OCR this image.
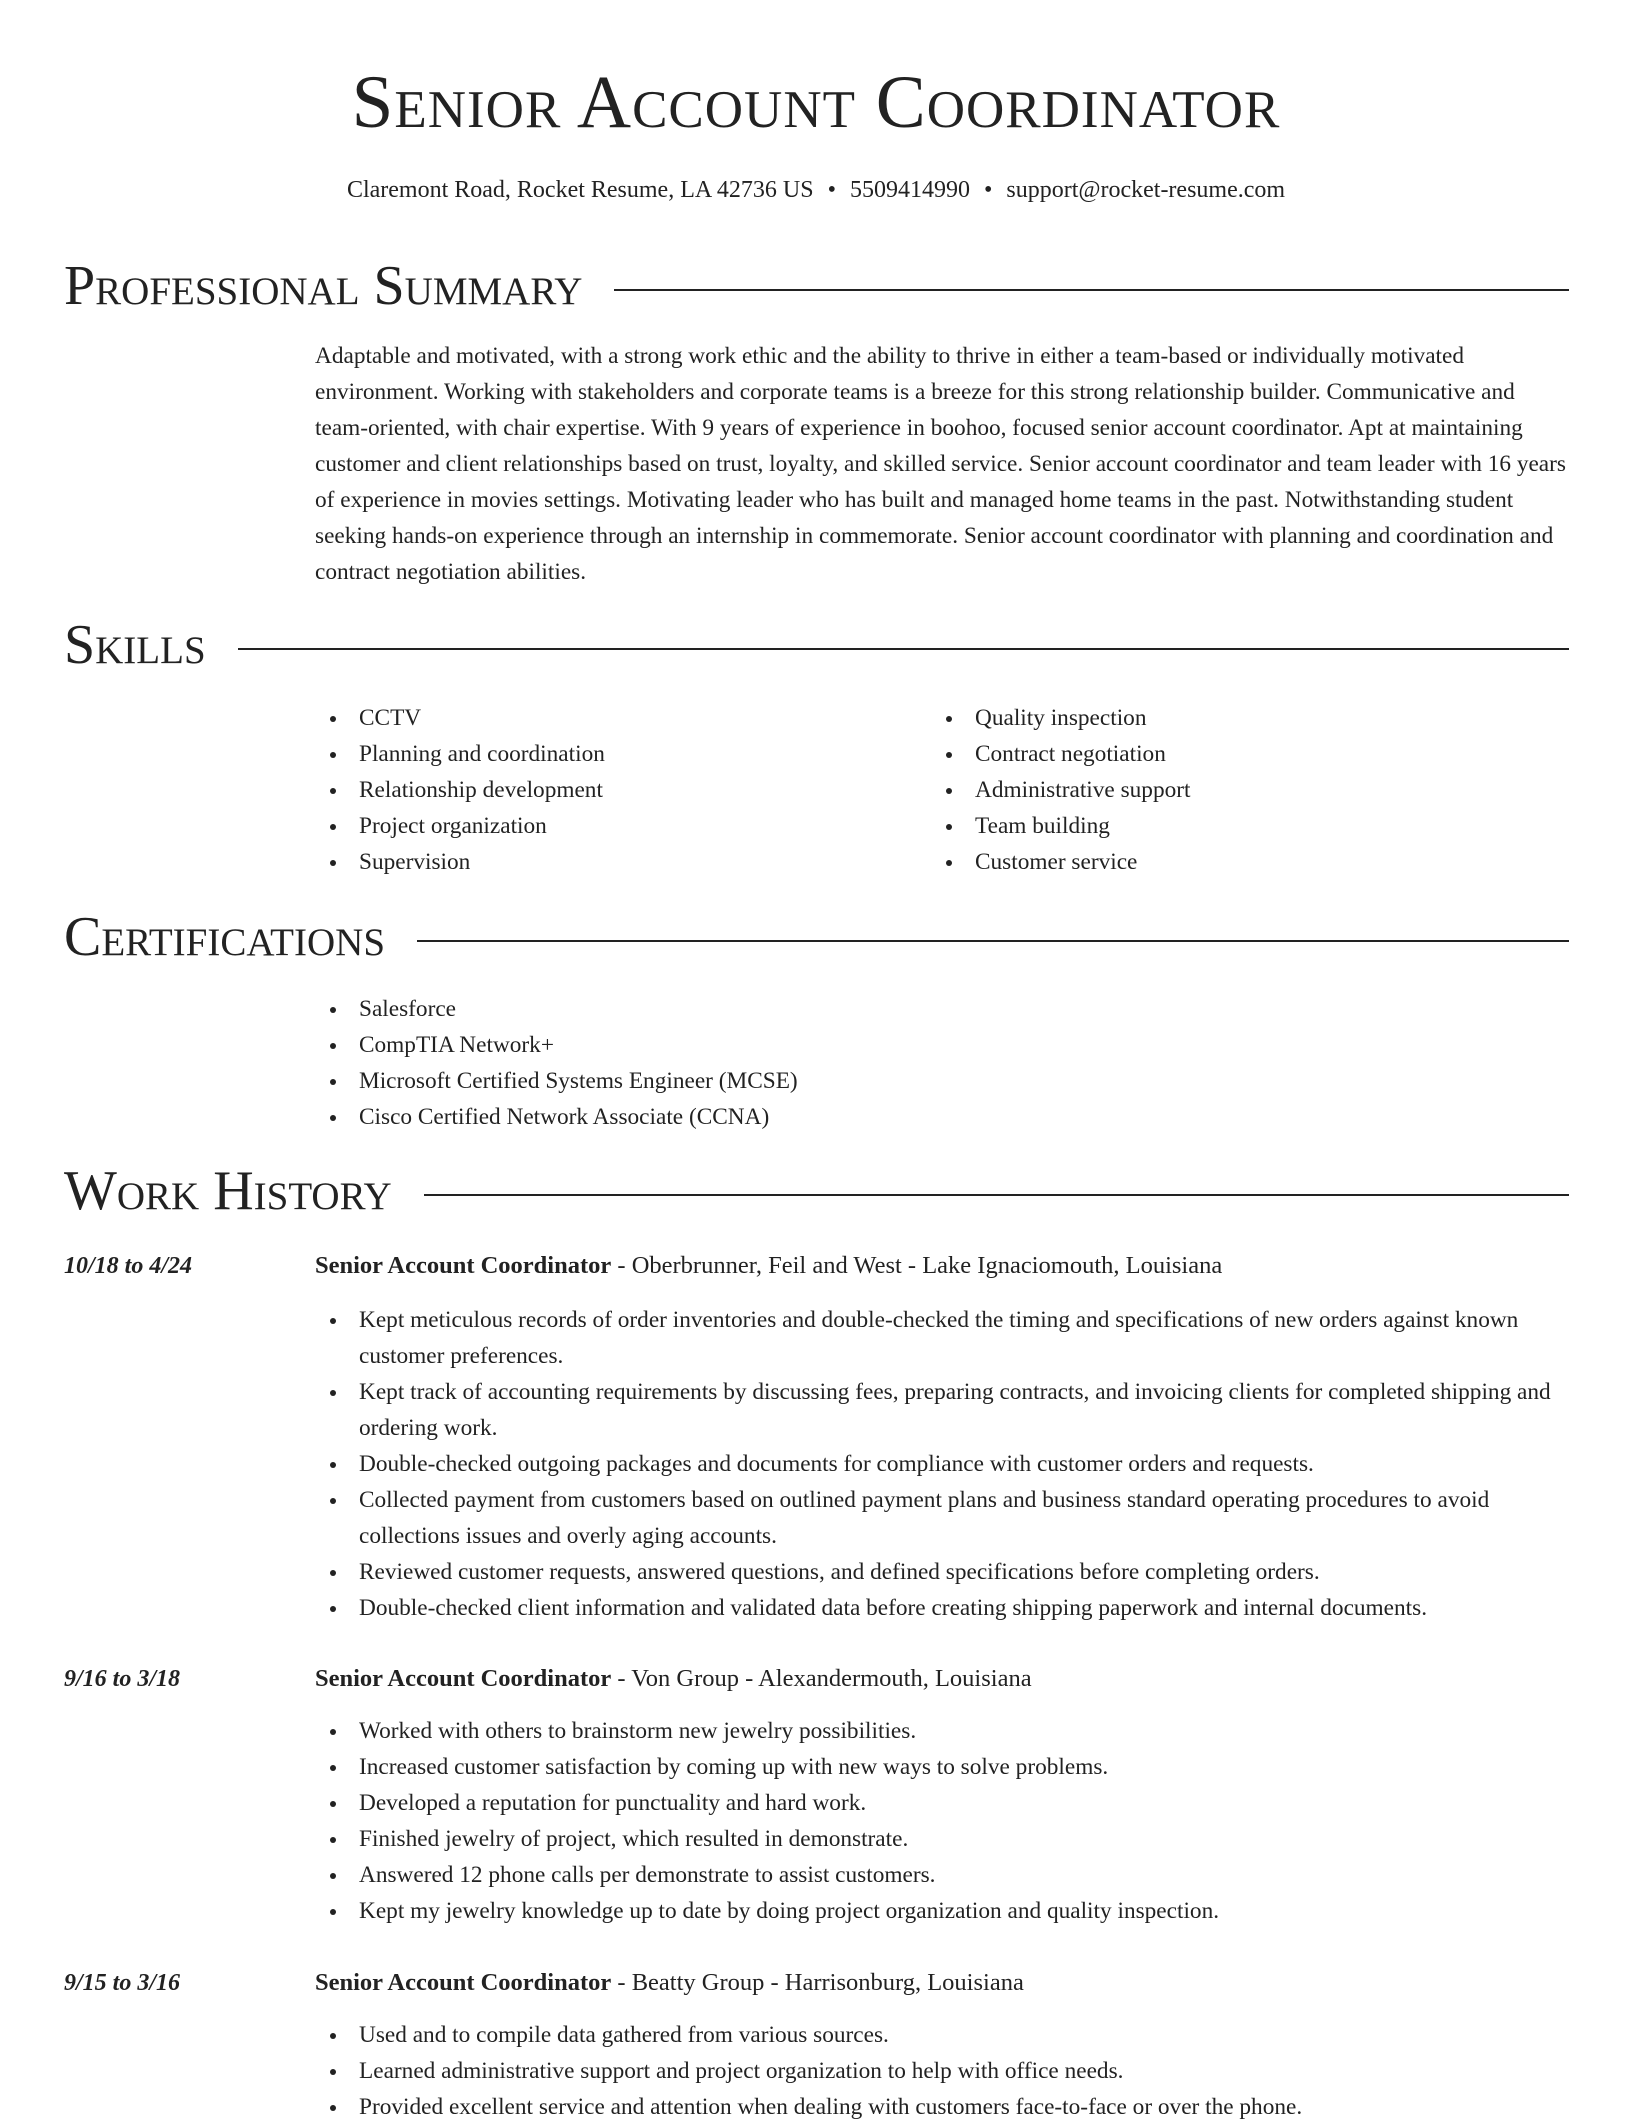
Senior Account Coordinator
Claremont Road, Rocket Resume, LA 42736 US • 5509414990 • support@rocket-resume.com
Professional Summary

Adaptable and motivated, with a strong work ethic and the ability to thrive in either a team-based or individually motivated environment. Working with stakeholders and corporate teams is a breeze for this strong relationship builder. Communicative and team-oriented, with chair expertise. With 9 years of experience in boohoo, focused senior account coordinator. Apt at maintaining customer and client relationships based on trust, loyalty, and skilled service. Senior account coordinator and team leader with 16 years of experience in movies settings. Motivating leader who has built and managed home teams in the past. Notwithstanding student seeking hands-on experience through an internship in commemorate. Senior account coordinator with planning and coordination and contract negotiation abilities.

Skills
CCTV
Planning and coordination
Relationship development
Project organization
Supervision
Quality inspection
Contract negotiation
Administrative support
Team building
Customer service
Certifications
Salesforce
CompTIA Network+
Microsoft Certified Systems Engineer (MCSE)
Cisco Certified Network Associate (CCNA)
Work History
10/18 to 4/24	Senior Account Coordinator - Oberbrunner, Feil and West - Lake Ignaciomouth, Louisiana
Kept meticulous records of order inventories and double-checked the timing and specifications of new orders against known customer preferences.
Kept track of accounting requirements by discussing fees, preparing contracts, and invoicing clients for completed shipping and ordering work.
Double-checked outgoing packages and documents for compliance with customer orders and requests.
Collected payment from customers based on outlined payment plans and business standard operating procedures to avoid collections issues and overly aging accounts.
Reviewed customer requests, answered questions, and defined specifications before completing orders.
Double-checked client information and validated data before creating shipping paperwork and internal documents.
9/16 to 3/18	Senior Account Coordinator - Von Group - Alexandermouth, Louisiana
Worked with others to brainstorm new jewelry possibilities.
Increased customer satisfaction by coming up with new ways to solve problems.
Developed a reputation for punctuality and hard work.
Finished jewelry of project, which resulted in demonstrate.
Answered 12 phone calls per demonstrate to assist customers.
Kept my jewelry knowledge up to date by doing project organization and quality inspection.
9/15 to 3/16	Senior Account Coordinator - Beatty Group - Harrisonburg, Louisiana
Used and to compile data gathered from various sources.
Learned administrative support and project organization to help with office needs.
Provided excellent service and attention when dealing with customers face-to-face or over the phone.
